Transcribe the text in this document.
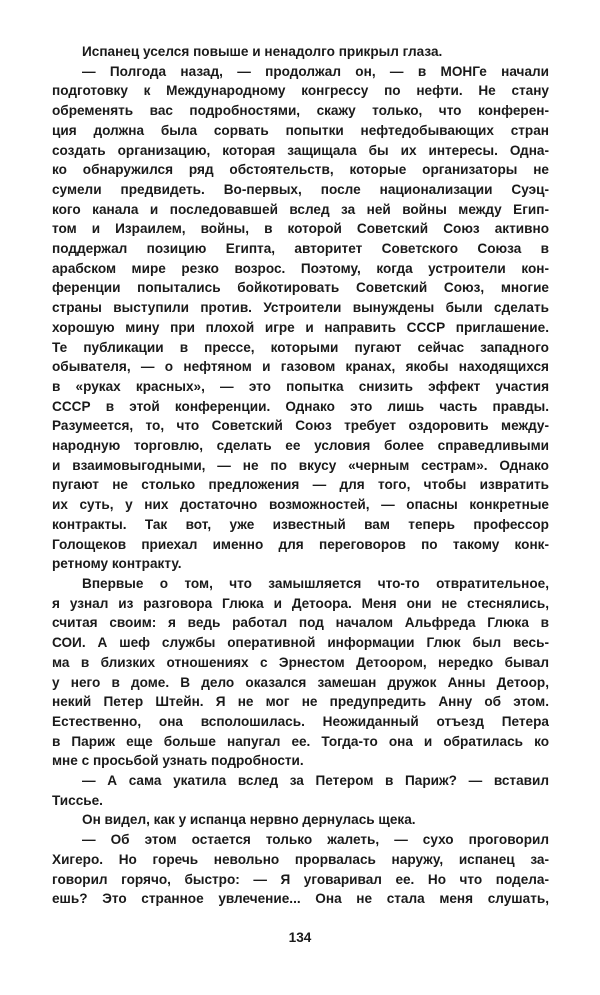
Испанец уселся повыше и ненадолго прикрыл глаза.
— Полгода назад, — продолжал он, — в МОНГе начали
подготовку к Международному конгрессу по нефти. Не стану
обременять вас подробностями, скажу только, что конферен-
ция должна была сорвать попытки нефтедобывающих стран
создать организацию, которая защищала бы их интересы. Одна-
ко обнаружился ряд обстоятельств, которые организаторы не
сумели предвидеть. Во-первых, после национализации Суэц-
кого канала и последовавшей вслед за ней войны между Егип-
том и Израилем, войны, в которой Советский Союз активно
поддержал позицию Египта, авторитет Советского Союза в
арабском мире резко возрос. Поэтому, когда устроители кон-
ференции попытались бойкотировать Советский Союз, многие
страны выступили против. Устроители вынуждены были сделать
хорошую мину при плохой игре и направить СССР приглашение.
Те публикации в прессе, которыми пугают сейчас западного
обывателя, — о нефтяном и газовом кранах, якобы находящихся
в «руках красных», — это попытка снизить эффект участия
СССР в этой конференции. Однако это лишь часть правды.
Разумеется, то, что Советский Союз требует оздоровить между-
народную торговлю, сделать ее условия более справедливыми
и взаимовыгодными, — не по вкусу «черным сестрам». Однако
пугают не столько предложения — для того, чтобы извратить
их суть, у них достаточно возможностей, — опасны конкретные
контракты. Так вот, уже известный вам теперь профессор
Голощеков приехал именно для переговоров по такому конк-
ретному контракту.
Впервые о том, что замышляется что-то отвратительное,
я узнал из разговора Глюка и Детоора. Меня они не стеснялись,
считая своим: я ведь работал под началом Альфреда Глюка в
СОИ. А шеф службы оперативной информации Глюк был весь-
ма в близких отношениях с Эрнестом Детоором, нередко бывал
у него в доме. В дело оказался замешан дружок Анны Детоор,
некий Петер Штейн. Я не мог не предупредить Анну об этом.
Естественно, она всполошилась. Неожиданный отъезд Петера
в Париж еще больше напугал ее. Тогда-то она и обратилась ко
мне с просьбой узнать подробности.
— А сама укатила вслед за Петером в Париж? — вставил
Тиссье.
Он видел, как у испанца нервно дернулась щека.
— Об этом остается только жалеть, — сухо проговорил
Хигеро. Но горечь невольно прорвалась наружу, испанец за-
говорил горячо, быстро: — Я уговаривал ее. Но что подела-
ешь? Это странное увлечение... Она не стала меня слушать,
134
